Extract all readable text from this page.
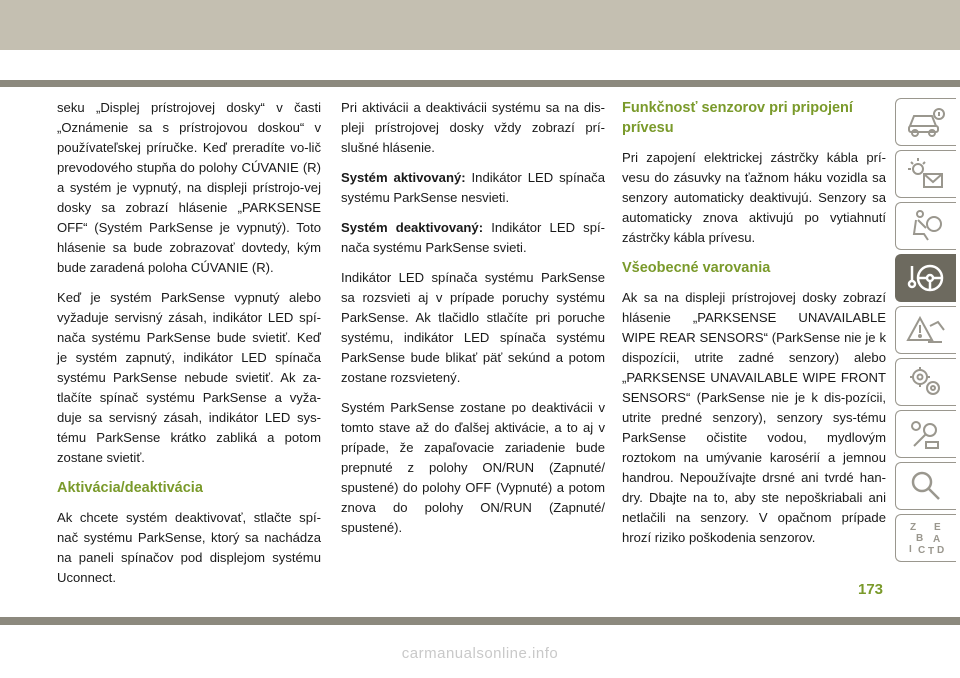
seku „Displej prístrojovej dosky“ v časti „Oznámenie sa s prístrojovou doskou“ v používateľskej príručke. Keď preradíte vo-lič prevodového stupňa do polohy CÚVANIE (R) a systém je vypnutý, na displeji prístrojo-vej dosky sa zobrazí hlásenie „PARKSENSE OFF“ (Systém ParkSense je vypnutý). Toto hlásenie sa bude zobrazovať dovtedy, kým bude zaradená poloha CÚVANIE (R).

Keď je systém ParkSense vypnutý alebo vyžaduje servisný zásah, indikátor LED spí-nača systému ParkSense bude svietiť. Keď je systém zapnutý, indikátor LED spínača systému ParkSense nebude svietiť. Ak za-tlačíte spínač systému ParkSense a vyža-duje sa servisný zásah, indikátor LED sys-tému ParkSense krátko zabliká a potom zostane svietiť.

Aktivácia/deaktivácia

Ak chcete systém deaktivovať, stlačte spí-nač systému ParkSense, ktorý sa nachádza na paneli spínačov pod displejom systému Uconnect.

Pri aktivácii a deaktivácii systému sa na dis-pleji prístrojovej dosky vždy zobrazí prí-slušné hlásenie.

Systém aktivovaný: Indikátor LED spínača systému ParkSense nesvieti.

Systém deaktivovaný: Indikátor LED spí-nača systému ParkSense svieti.

Indikátor LED spínača systému ParkSense sa rozsvieti aj v prípade poruchy systému ParkSense. Ak tlačidlo stlačíte pri poruche systému, indikátor LED spínača systému ParkSense bude blikať päť sekúnd a potom zostane rozsvietený.

Systém ParkSense zostane po deaktivácii v tomto stave až do ďalšej aktivácie, a to aj v prípade, že zapaľovacie zariadenie bude prepnuté z polohy ON/RUN (Zapnuté/ spustené) do polohy OFF (Vypnuté) a potom znova do polohy ON/RUN (Zapnuté/ spustené).

Funkčnosť senzorov pri pripojení prívesu

Pri zapojení elektrickej zástrčky kábla prí-vesu do zásuvky na ťažnom háku vozidla sa senzory automaticky deaktivujú. Senzory sa automaticky znova aktivujú po vytiahnutí zástrčky kábla prívesu.

Všeobecné varovania

Ak sa na displeji prístrojovej dosky zobrazí hlásenie „PARKSENSE UNAVAILABLE WIPE REAR SENSORS“ (ParkSense nie je k dispozícii, utrite zadné senzory) alebo „PARKSENSE UNAVAILABLE WIPE FRONT SENSORS“ (ParkSense nie je k dis-pozícii, utrite predné senzory), senzory sys-tému ParkSense očistite vodou, mydlovým roztokom na umývanie karosérií a jemnou handrou. Nepoužívajte drsné ani tvrdé han-dry. Dbajte na to, aby ste nepoškriabali ani netlačili na senzory. V opačnom prípade hrozí riziko poškodenia senzorov.

Z E
B A
I C T D
173
carmanualsonline.info
